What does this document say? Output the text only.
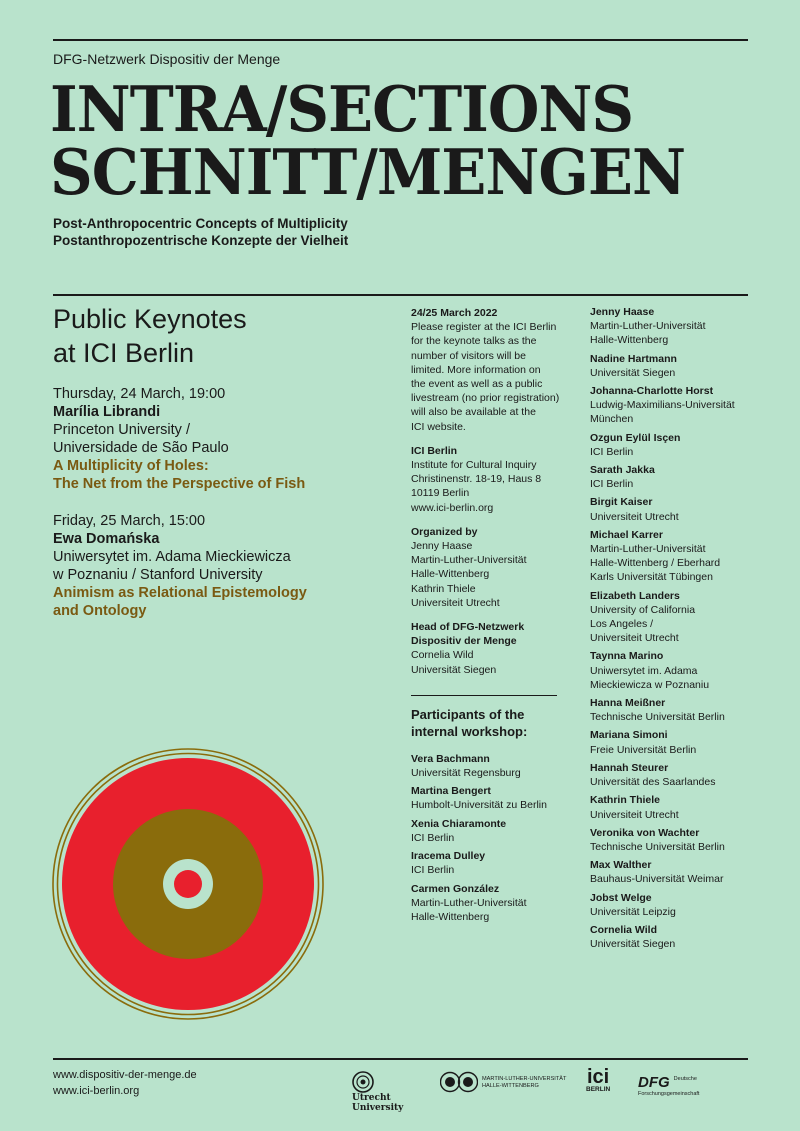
DFG-Netzwerk Dispositiv der Menge
INTRA/SECTIONS
SCHNITT/MENGEN
Post-Anthropocentric Concepts of Multiplicity
Postanthropozentrische Konzepte der Vielheit
Public Keynotes
at ICI Berlin
Thursday, 24 March, 19:00
Marília Librandi
Princeton University /
Universidade de São Paulo
A Multiplicity of Holes:
The Net from the Perspective of Fish
Friday, 25 March, 15:00
Ewa Domańska
Uniwersytet im. Adama Mieckiewicza
w Poznaniu / Stanford University
Animism as Relational Epistemology
and Ontology
24/25 March 2022
Please register at the ICI Berlin
for the keynote talks as the
number of visitors will be
limited. More information on
the event as well as a public
livestream (no prior registration)
will also be available at the
ICI website.
ICI Berlin
Institute for Cultural Inquiry
Christinenstr. 18-19, Haus 8
10119 Berlin
www.ici-berlin.org
Organized by
Jenny Haase
Martin-Luther-Universität
Halle-Wittenberg
Kathrin Thiele
Universiteit Utrecht
Head of DFG-Netzwerk
Dispositiv der Menge
Cornelia Wild
Universität Siegen
Participants of the
internal workshop:
Vera Bachmann
Universität Regensburg
Martina Bengert
Humbolt-Universität zu Berlin
Xenia Chiaramonte
ICI Berlin
Iracema Dulley
ICI Berlin
Carmen González
Martin-Luther-Universität
Halle-Wittenberg
Jenny Haase
Martin-Luther-Universität
Halle-Wittenberg
Nadine Hartmann
Universität Siegen
Johanna-Charlotte Horst
Ludwig-Maximilians-Universität
München
Ozgun Eylül Isçen
ICI Berlin
Sarath Jakka
ICI Berlin
Birgit Kaiser
Universiteit Utrecht
Michael Karrer
Martin-Luther-Universität
Halle-Wittenberg / Eberhard
Karls Universität Tübingen
Elizabeth Landers
University of California
Los Angeles /
Universiteit Utrecht
Taynna Marino
Uniwersytet im. Adama
Mieckiewicza w Poznaniu
Hanna Meißner
Technische Universität Berlin
Mariana Simoni
Freie Universität Berlin
Hannah Steurer
Universität des Saarlandes
Kathrin Thiele
Universiteit Utrecht
Veronika von Wachter
Technische Universität Berlin
Max Walther
Bauhaus-Universität Weimar
Jobst Welge
Universität Leipzig
Cornelia Wild
Universität Siegen
www.dispositiv-der-menge.de
www.ici-berlin.org
Utrecht
University
MARTIN-LUTHER-UNIVERSITÄT
HALLE-WITTENBERG ici
BERLIN DFG Deutsche
Forschungsgemeinschaft
